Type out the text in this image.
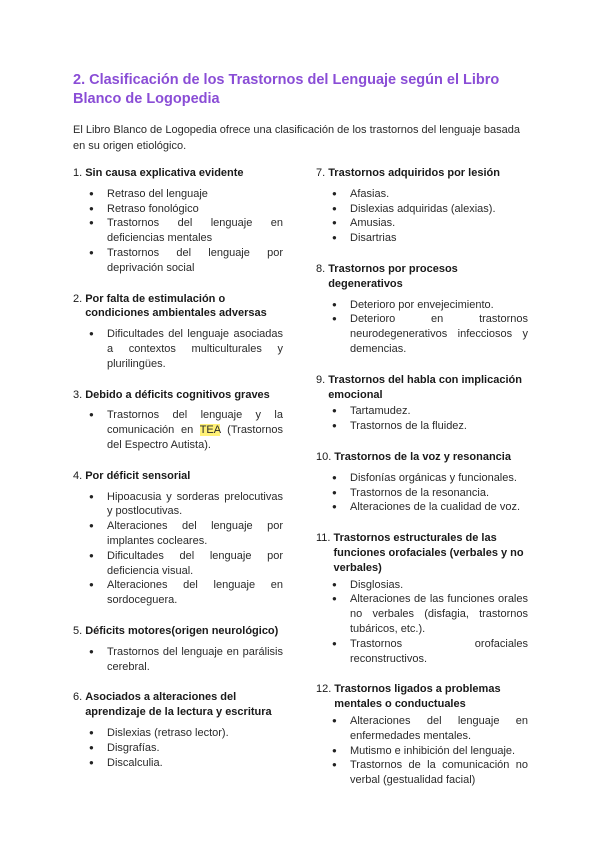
2. Clasificación de los Trastornos del Lenguaje según el Libro Blanco de Logopedia
El Libro Blanco de Logopedia ofrece una clasificación de los trastornos del lenguaje basada en su origen etiológico.
1. Sin causa explicativa evidente
● Retraso del lenguaje
● Retraso fonológico
● Trastornos del lenguaje en deficiencias mentales
● Trastornos del lenguaje por deprivación social
2. Por falta de estimulación o condiciones ambientales adversas
● Dificultades del lenguaje asociadas a contextos multiculturales y plurilingües.
3. Debido a déficits cognitivos graves
● Trastornos del lenguaje y la comunicación en TEA (Trastornos del Espectro Autista).
4. Por déficit sensorial
● Hipoacusia y sorderas prelocutivas y postlocutivas.
● Alteraciones del lenguaje por implantes cocleares.
● Dificultades del lenguaje por deficiencia visual.
● Alteraciones del lenguaje en sordoceguera.
5. Déficits motores(origen neurológico)
● Trastornos del lenguaje en parálisis cerebral.
6. Asociados a alteraciones del aprendizaje de la lectura y escritura
● Dislexias (retraso lector).
● Disgrafías.
● Discalculia.
7. Trastornos adquiridos por lesión
● Afasias.
● Dislexias adquiridas (alexias).
● Amusias.
● Disartrias
8. Trastornos por procesos degenerativos
● Deterioro por envejecimiento.
● Deterioro en trastornos neurodegenerativos infecciosos y demencias.
9. Trastornos del habla con implicación emocional
● Tartamudez.
● Trastornos de la fluidez.
10. Trastornos de la voz y resonancia
● Disfonías orgánicas y funcionales.
● Trastornos de la resonancia.
● Alteraciones de la cualidad de voz.
11. Trastornos estructurales de las funciones orofaciales (verbales y no verbales)
● Disglosias.
● Alteraciones de las funciones orales no verbales (disfagia, trastornos tubáricos, etc.).
● Trastornos orofaciales reconstructivos.
12. Trastornos ligados a problemas mentales o conductuales
● Alteraciones del lenguaje en enfermedades mentales.
● Mutismo e inhibición del lenguaje.
● Trastornos de la comunicación no verbal (gestualidad facial)
